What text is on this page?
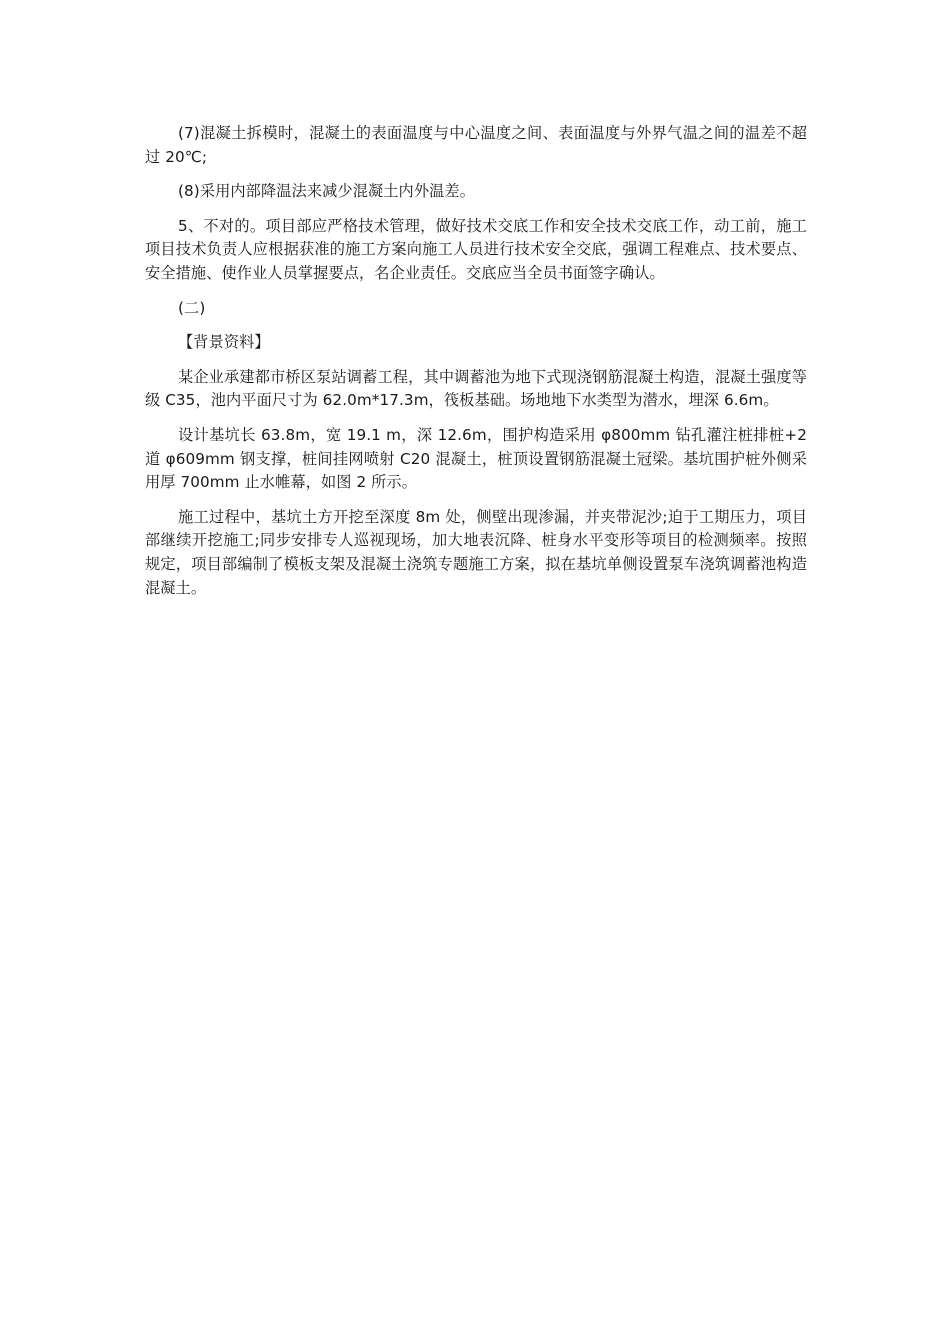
(7)混凝土拆模时，混凝土的表面温度与中心温度之间、表面温度与外界气温之间的温差不超过 20℃;

(8)采用内部降温法来减少混凝土内外温差。

5、不对的。项目部应严格技术管理，做好技术交底工作和安全技术交底工作，动工前，施工项目技术负责人应根据获准的施工方案向施工人员进行技术安全交底，强调工程难点、技术要点、安全措施、使作业人员掌握要点，名企业责任。交底应当全员书面签字确认。

(二)

【背景资料】

某企业承建都市桥区泵站调蓄工程，其中调蓄池为地下式现浇钢筋混凝土构造，混凝土强度等级 C35，池内平面尺寸为 62.0m*17.3m，筏板基础。场地地下水类型为潜水，埋深 6.6m。

设计基坑长 63.8m，宽 19.1 m，深 12.6m，围护构造采用 φ800mm 钻孔灌注桩排桩+2 道 φ609mm 钢支撑，桩间挂网喷射 C20 混凝土，桩顶设置钢筋混凝土冠梁。基坑围护桩外侧采用厚 700mm 止水帷幕，如图 2 所示。

施工过程中，基坑土方开挖至深度 8m 处，侧壁出现渗漏，并夹带泥沙;迫于工期压力，项目部继续开挖施工;同步安排专人巡视现场，加大地表沉降、桩身水平变形等项目的检测频率。按照规定，项目部编制了模板支架及混凝土浇筑专题施工方案，拟在基坑单侧设置泵车浇筑调蓄池构造混凝土。
